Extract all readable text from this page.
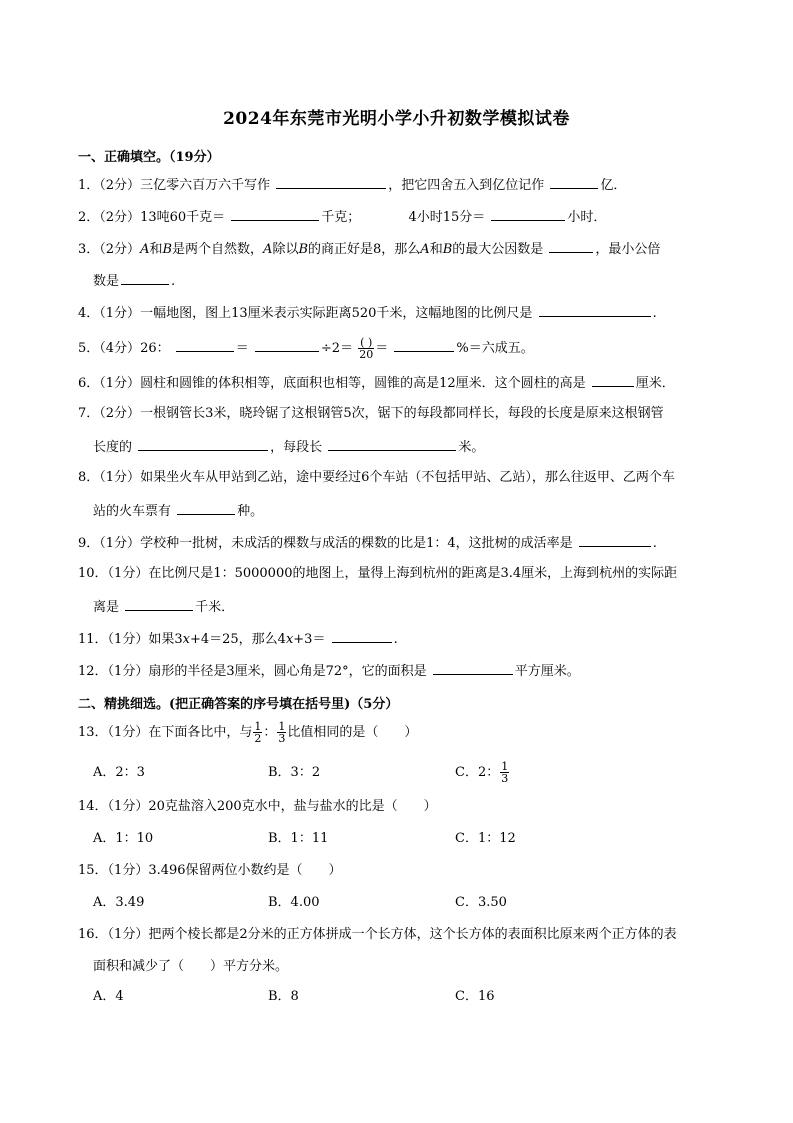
2024年东莞市光明小学小升初数学模拟试卷
一、正确填空。（19分）
1．（2分）三亿零六百万六千写作	，把它四舍五入到亿位记作	亿．
2．（2分）13吨60千克＝	千克；	4小时15分＝	小时．
3．（2分）A和B是两个自然数，A除以B的商正好是8，那么A和B的最大公因数是	，最小公倍
数是	.
4．（1分）一幅地图，图上13厘米表示实际距离520千米，这幅地图的比例尺是	.
5．（4分）26：	＝	$\div 2= \frac{( )}{20}$ ＝	%＝六成五。
6．（1分）圆柱和圆锥的体积相等，底面积也相等，圆锥的高是12厘米．这个圆柱的高是	厘米．
7．（2分）一根钢管长3米，晓玲锯了这根钢管5次，锯下的每段都同样长，每段的长度是原来这根钢管
长度的	，每段长	米。
8．（1分）如果坐火车从甲站到乙站，途中要经过6个车站（不包括甲站、乙站），那么往返甲、乙两个车
站的火车票有	种。
9．（1分）学校种一批树，未成活的棵数与成活的棵数的比是1：4，这批树的成活率是	.
10．（1分）在比例尺是1：5000000的地图上，量得上海到杭州的距离是3.4厘米，上海到杭州的实际距
离是	千米．
11．（1分）如果3x+4＝25，那么4x+3＝	.
12．（1分）扇形的半径是3厘米，圆心角是72°，它的面积是	平方厘米。
二、精挑细选。(把正确答案的序号填在括号里)（5分）
13．（1分）在下面各比中，与 $\frac{1}{2}$ ： $\frac{1}{3}$ 比值相同的是（　　）
A．2：3	B．3：2	C．2： $\frac{1}{3}$
14．（1分）20克盐溶入200克水中，盐与盐水的比是（　　）
A．1：10	B．1：11	C．1：12
15．（1分）3.496保留两位小数约是（　　）
A．3.49	B．4.00	C．3.50
16．（1分）把两个棱长都是2分米的正方体拼成一个长方体，这个长方体的表面积比原来两个正方体的表
面积和减少了（　　）平方分米。
A．4	B．8	C．16
